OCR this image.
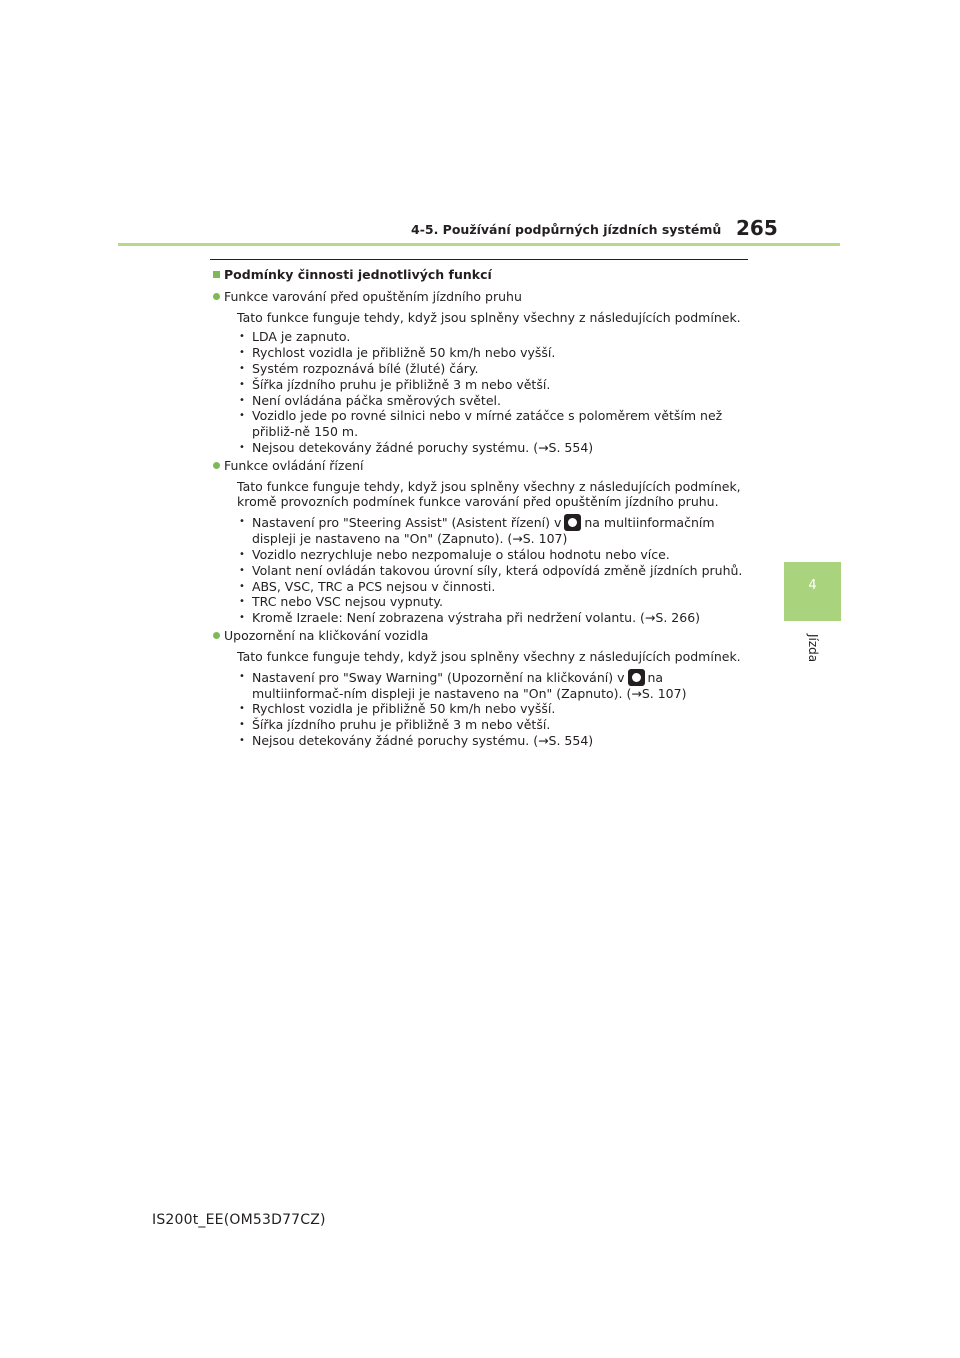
4-5. Používání podpůrných jízdních systémů 265
4
Jízda
Podmínky činnosti jednotlivých funkcí
Funkce varování před opuštěním jízdního pruhu
Tato funkce funguje tehdy, když jsou splněny všechny z následujících podmínek.
• LDA je zapnuto.
• Rychlost vozidla je přibližně 50 km/h nebo vyšší.
• Systém rozpoznává bílé (žluté) čáry.
• Šířka jízdního pruhu je přibližně 3 m nebo větší.
• Není ovládána páčka směrových světel.
• Vozidlo jede po rovné silnici nebo v mírné zatáčce s poloměrem větším než přibliž-ně 150 m.
• Nejsou detekovány žádné poruchy systému. (→S. 554)
Funkce ovládání řízení
Tato funkce funguje tehdy, když jsou splněny všechny z následujících podmínek, kromě provozních podmínek funkce varování před opuštěním jízdního pruhu.
• Nastavení pro "Steering Assist" (Asistent řízení) v na multiinformačním displeji je nastaveno na "On" (Zapnuto). (→S. 107)
• Vozidlo nezrychluje nebo nezpomaluje o stálou hodnotu nebo více.
• Volant není ovládán takovou úrovní síly, která odpovídá změně jízdních pruhů.
• ABS, VSC, TRC a PCS nejsou v činnosti.
• TRC nebo VSC nejsou vypnuty.
• Kromě Izraele: Není zobrazena výstraha při nedržení volantu. (→S. 266)
Upozornění na kličkování vozidla
Tato funkce funguje tehdy, když jsou splněny všechny z následujících podmínek.
• Nastavení pro "Sway Warning" (Upozornění na kličkování) v na multiinformač-ním displeji je nastaveno na "On" (Zapnuto). (→S. 107)
• Rychlost vozidla je přibližně 50 km/h nebo vyšší.
• Šířka jízdního pruhu je přibližně 3 m nebo větší.
• Nejsou detekovány žádné poruchy systému. (→S. 554)
IS200t_EE(OM53D77CZ)
